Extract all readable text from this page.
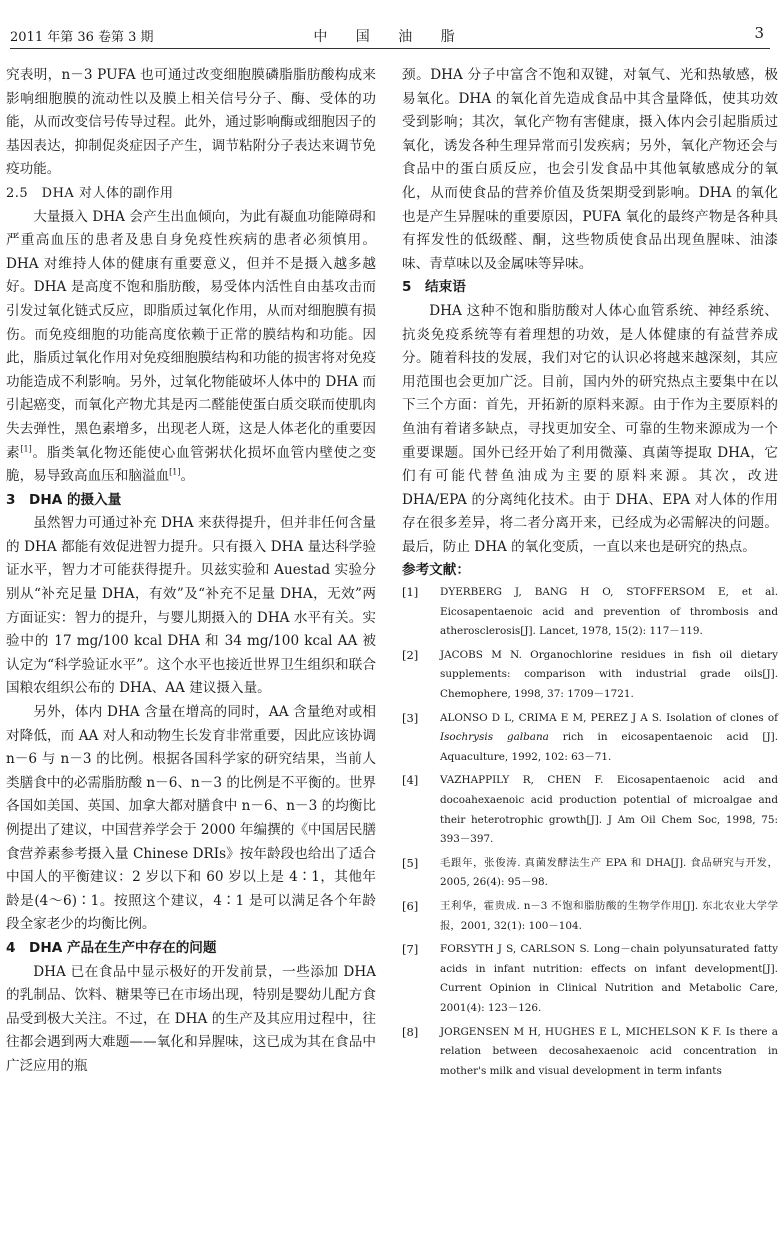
2011 年第 36 卷第 3 期	中 国 油 脂	3

究表明，n－3 PUFA 也可通过改变细胞膜磷脂脂肪酸构成来影响细胞膜的流动性以及膜上相关信号分子、酶、受体的功能，从而改变信号传导过程。此外，通过影响酶或细胞因子的基因表达，抑制促炎症因子产生，调节粘附分子表达来调节免疫功能。

2.5　DHA 对人体的副作用

大量摄入 DHA 会产生出血倾向，为此有凝血功能障碍和严重高血压的患者及患自身免疫性疾病的患者必须慎用。DHA 对维持人体的健康有重要意义，但并不是摄入越多越好。DHA 是高度不饱和脂肪酸，易受体内活性自由基攻击而引发过氧化链式反应，即脂质过氧化作用，从而对细胞膜有损伤。而免疫细胞的功能高度依赖于正常的膜结构和功能。因此，脂质过氧化作用对免疫细胞膜结构和功能的损害将对免疫功能造成不利影响。另外，过氧化物能破坏人体中的 DHA 而引起癌变，而氧化产物尤其是丙二醛能使蛋白质交联而使肌肉失去弹性，黑色素增多，出现老人斑，这是人体老化的重要因素[1]。脂类氧化物还能使心血管粥状化损坏血管内壁使之变脆，易导致高血压和脑溢血[1]。

3　DHA 的摄入量

虽然智力可通过补充 DHA 来获得提升，但并非任何含量的 DHA 都能有效促进智力提升。只有摄入 DHA 量达科学验证水平，智力才可能获得提升。贝兹实验和 Auestad 实验分别从“补充足量 DHA，有效”及“补充不足量 DHA，无效”两方面证实：智力的提升，与婴儿期摄入的 DHA 水平有关。实验中的 17 mg/100 kcal DHA 和 34 mg/100 kcal AA 被认定为“科学验证水平”。这个水平也接近世界卫生组织和联合国粮农组织公布的 DHA、AA 建议摄入量。

另外，体内 DHA 含量在增高的同时，AA 含量绝对或相对降低，而 AA 对人和动物生长发育非常重要，因此应该协调 n－6 与 n－3 的比例。根据各国科学家的研究结果，当前人类膳食中的必需脂肪酸 n－6、n－3 的比例是不平衡的。世界各国如美国、英国、加拿大都对膳食中 n－6、n－3 的均衡比例提出了建议，中国营养学会于 2000 年编撰的《中国居民膳食营养素参考摄入量 Chinese DRIs》按年龄段也给出了适合中国人的平衡建议：2 岁以下和 60 岁以上是 4∶1，其他年龄是(4～6)∶1。按照这个建议，4∶1 是可以满足各个年龄段全家老少的均衡比例。

4　DHA 产品在生产中存在的问题

DHA 已在食品中显示极好的开发前景，一些添加 DHA 的乳制品、饮料、糖果等已在市场出现，特别是婴幼儿配方食品受到极大关注。不过，在 DHA 的生产及其应用过程中，往往都会遇到两大难题——氧化和异腥味，这已成为其在食品中广泛应用的瓶

颈。DHA 分子中富含不饱和双键，对氧气、光和热敏感，极易氧化。DHA 的氧化首先造成食品中其含量降低，使其功效受到影响；其次，氧化产物有害健康，摄入体内会引起脂质过氧化，诱发各种生理异常而引发疾病；另外，氧化产物还会与食品中的蛋白质反应，也会引发食品中其他氧敏感成分的氧化，从而使食品的营养价值及货架期受到影响。DHA 的氧化也是产生异腥味的重要原因，PUFA 氧化的最终产物是各种具有挥发性的低级醛、酮，这些物质使食品出现鱼腥味、油漆味、青草味以及金属味等异味。

5　结束语

DHA 这种不饱和脂肪酸对人体心血管系统、神经系统、抗炎免疫系统等有着理想的功效，是人体健康的有益营养成分。随着科技的发展，我们对它的认识必将越来越深刻，其应用范围也会更加广泛。目前，国内外的研究热点主要集中在以下三个方面：首先，开拓新的原料来源。由于作为主要原料的鱼油有着诸多缺点，寻找更加安全、可靠的生物来源成为一个重要课题。国外已经开始了利用微藻、真菌等提取 DHA，它们有可能代替鱼油成为主要的原料来源。其次，改进 DHA/EPA 的分离纯化技术。由于 DHA、EPA 对人体的作用存在很多差异，将二者分离开来，已经成为必需解决的问题。最后，防止 DHA 的氧化变质，一直以来也是研究的热点。

参考文献：

[1] DYERBERG J, BANG H O, STOFFERSOM E, et al. Eicosapentaenoic acid and prevention of thrombosis and atherosclerosis[J]. Lancet, 1978, 15(2): 117－119.
[2] JACOBS M N. Organochlorine residues in fish oil dietary supplements: comparison with industrial grade oils[J]. Chemophere, 1998, 37: 1709－1721.
[3] ALONSO D L, CRIMA E M, PEREZ J A S. Isolation of clones of Isochrysis galbana rich in eicosapentaenoic acid [J]. Aquaculture, 1992, 102: 63－71.
[4] VAZHAPPILY R, CHEN F. Eicosapentaenoic acid and docoahexaenoic acid production potential of microalgae and their heterotrophic growth[J]. J Am Oil Chem Soc, 1998, 75: 393－397.
[5] 毛跟年，张俊涛. 真菌发酵法生产 EPA 和 DHA[J]. 食品研究与开发，2005, 26(4): 95－98.
[6] 王利华，霍贵成. n－3 不饱和脂肪酸的生物学作用[J]. 东北农业大学学报，2001, 32(1): 100－104.
[7] FORSYTH J S, CARLSON S. Long－chain polyunsaturated fatty acids in infant nutrition: effects on infant development[J]. Current Opinion in Clinical Nutrition and Metabolic Care, 2001(4): 123－126.
[8] JORGENSEN M H, HUGHES E L, MICHELSON K F. Is there a relation between decosahexaenoic acid concentration in mother's milk and visual development in term infants
